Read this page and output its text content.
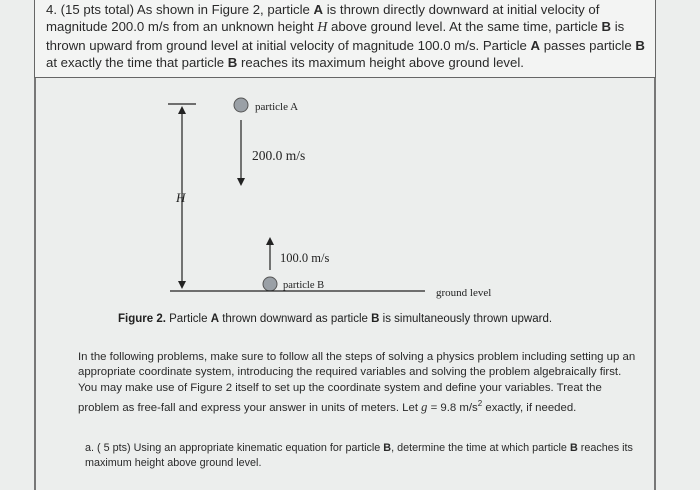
4. (15 pts total) As shown in Figure 2, particle A is thrown directly downward at initial velocity of magnitude 200.0 m/s from an unknown height H above ground level. At the same time, particle B is thrown upward from ground level at initial velocity of magnitude 100.0 m/s. Particle A passes particle B at exactly the time that particle B reaches its maximum height above ground level.

H
particle A
200.0 m/s
100.0 m/s
particle B
ground level

Figure 2. Particle A thrown downward as particle B is simultaneously thrown upward.

In the following problems, make sure to follow all the steps of solving a physics problem including setting up an appropriate coordinate system, introducing the required variables and solving the problem algebraically first. You may make use of Figure 2 itself to set up the coordinate system and define your variables. Treat the problem as free-fall and express your answer in units of meters. Let g = 9.8 $m/s^2$ exactly, if needed.

a. ( 5 pts) Using an appropriate kinematic equation for particle B, determine the time at which particle B reaches its maximum height above ground level.
